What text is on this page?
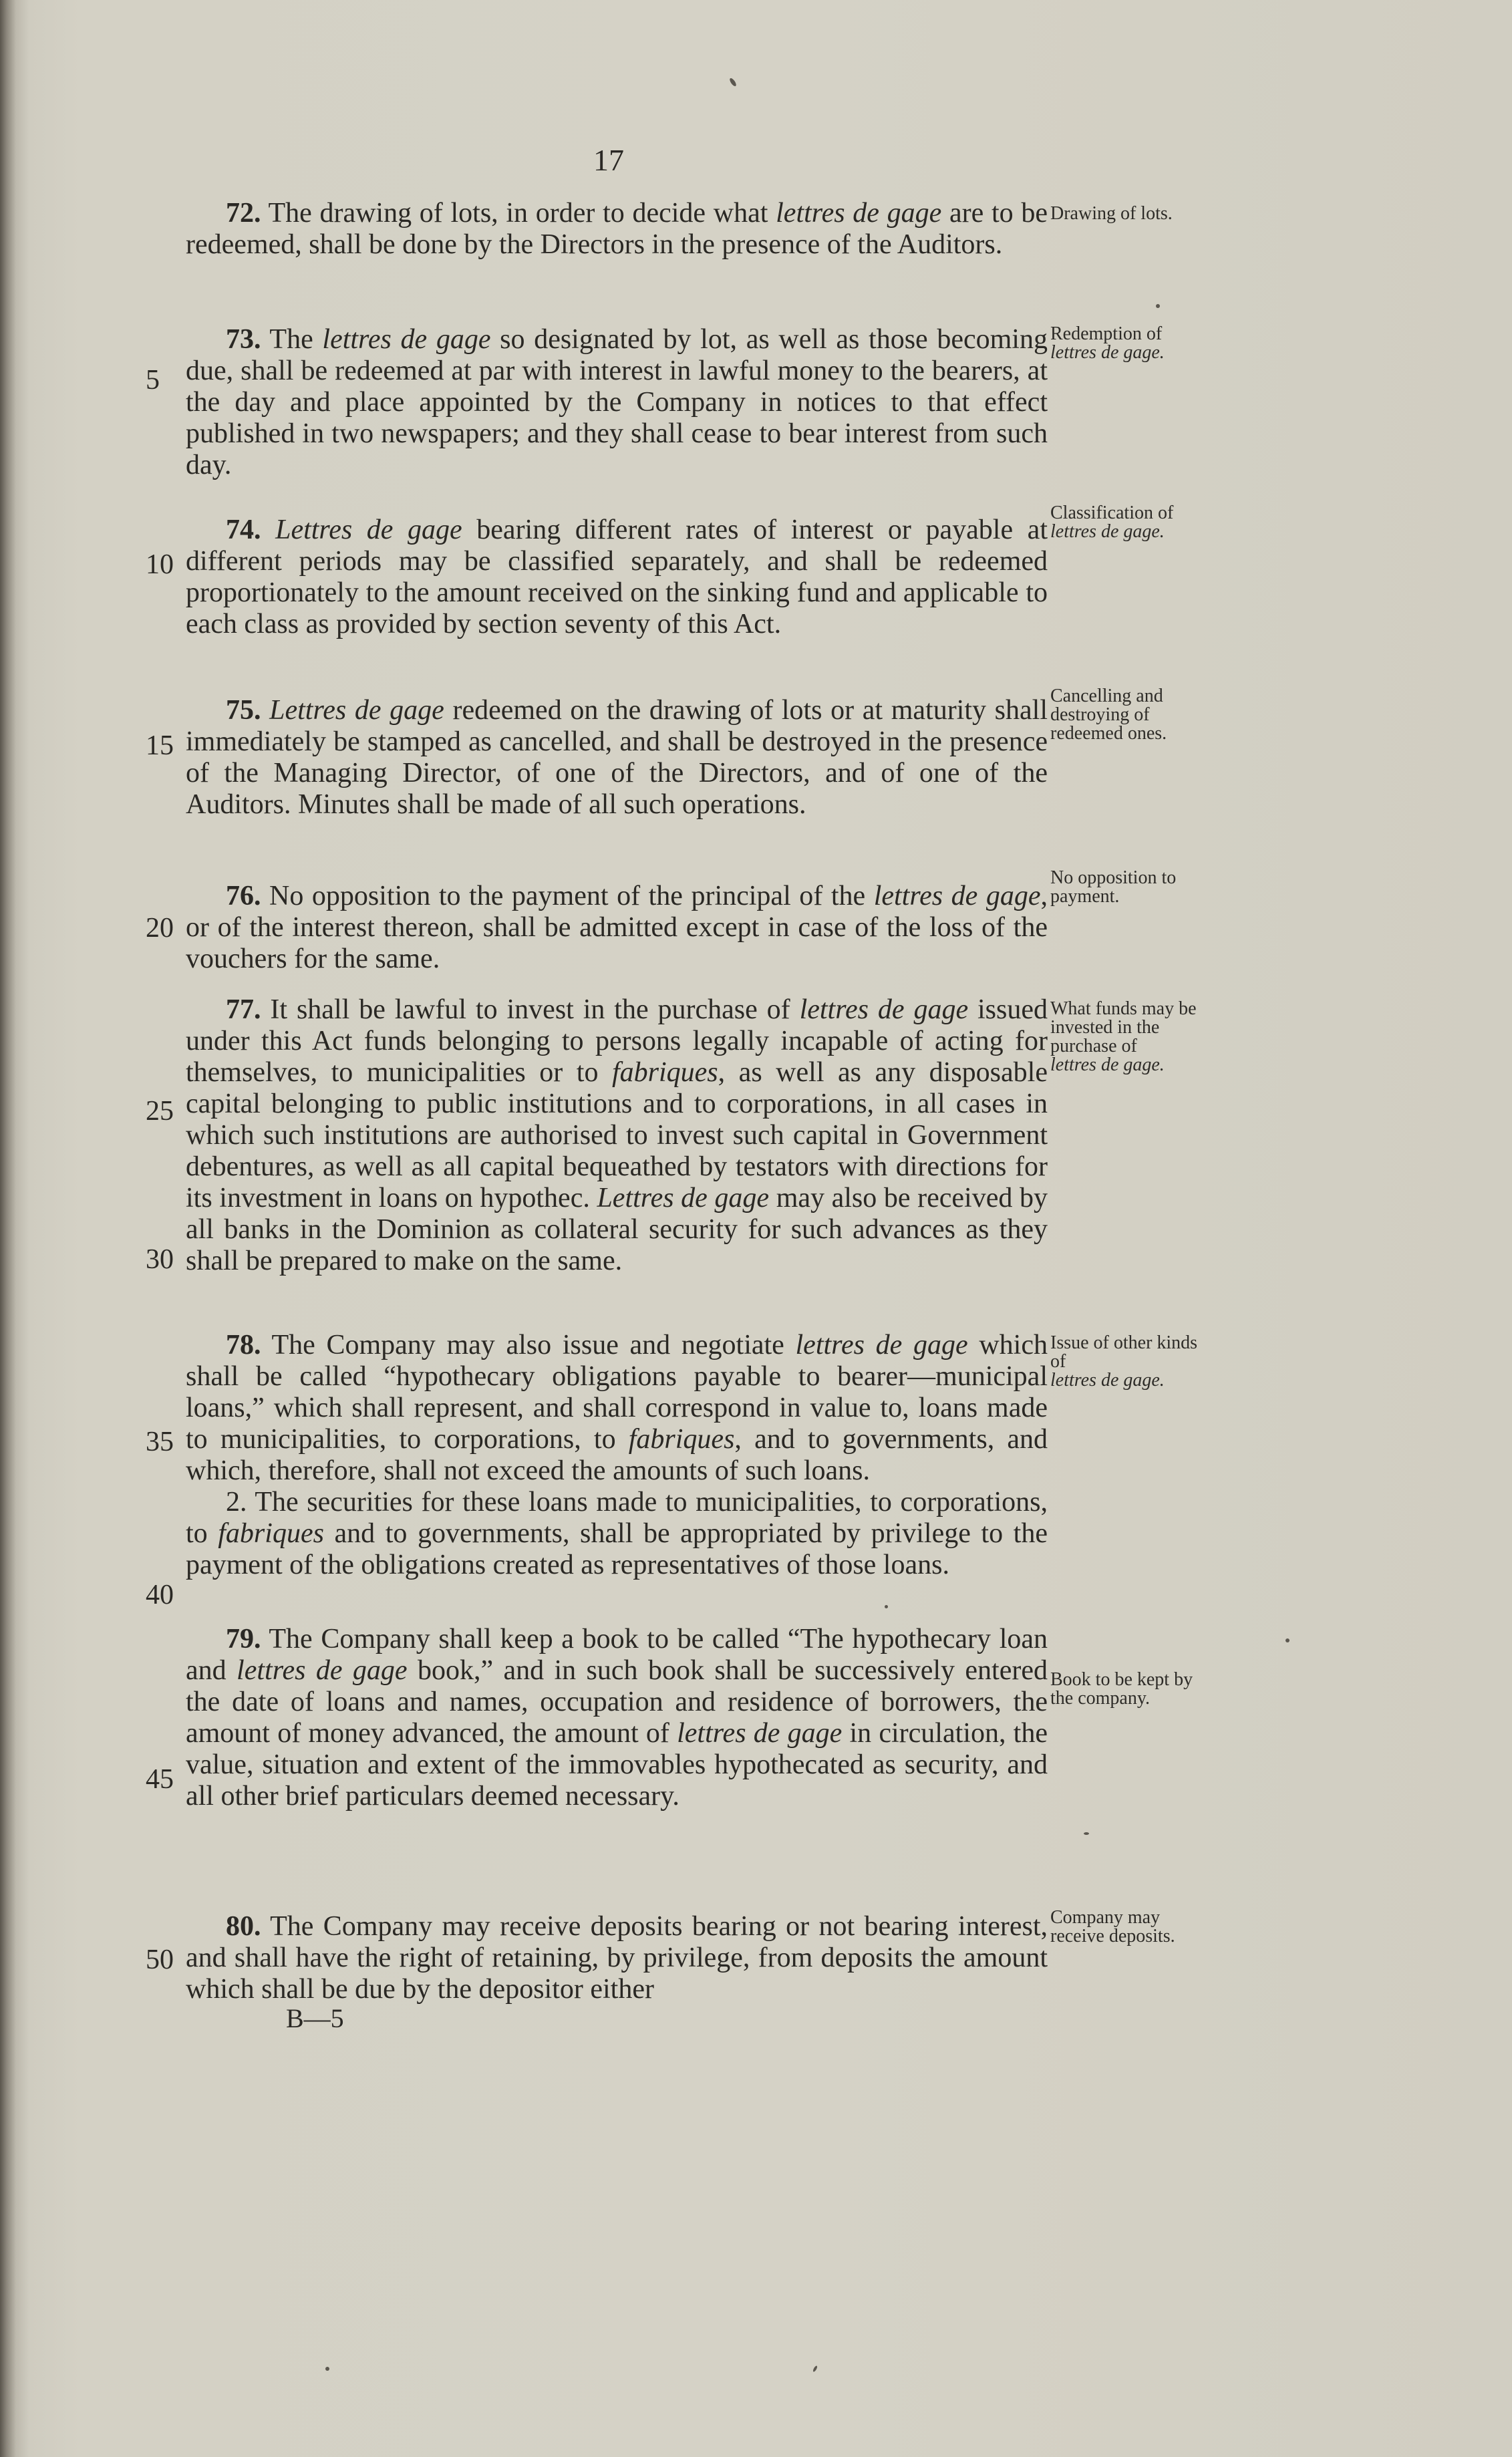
17

72. The drawing of lots, in order to decide what lettres de gage are to be redeemed, shall be done by the Directors in the presence of the Auditors.

Drawing of lots.

73. The lettres de gage so designated by lot, as well as those becoming due, shall be redeemed at par with interest in lawful money to the bearers, at the day and place appointed by the Company in notices to that effect published in two newspapers; and they shall cease to bear interest from such day.

Redemption of
lettres de gage.

74. Lettres de gage bearing different rates of interest or payable at different periods may be classified separately, and shall be redeemed proportionately to the amount received on the sinking fund and applicable to each class as provided by section seventy of this Act.

Classification of
lettres de gage.

75. Lettres de gage redeemed on the drawing of lots or at maturity shall immediately be stamped as cancelled, and shall be destroyed in the presence of the Managing Director, of one of the Directors, and of one of the Auditors. Minutes shall be made of all such operations.

Cancelling and destroying of redeemed ones.

76. No opposition to the payment of the principal of the lettres de gage, or of the interest thereon, shall be admitted except in case of the loss of the vouchers for the same.

No opposition to payment.

77. It shall be lawful to invest in the purchase of lettres de gage issued under this Act funds belonging to persons legally incapable of acting for themselves, to municipalities or to fabriques, as well as any disposable capital belonging to public institutions and to corporations, in all cases in which such institutions are authorised to invest such capital in Government debentures, as well as all capital bequeathed by testators with directions for its investment in loans on hypothec. Lettres de gage may also be received by all banks in the Dominion as collateral security for such advances as they shall be prepared to make on the same.

What funds may be invested in the purchase of
lettres de gage.

78. The Company may also issue and negotiate lettres de gage which shall be called “hypothecary obligations payable to bearer—municipal loans,” which shall represent, and shall correspond in value to, loans made to municipalities, to corporations, to fabriques, and to governments, and which, therefore, shall not exceed the amounts of such loans.

2. The securities for these loans made to municipalities, to corporations, to fabriques and to governments, shall be appropriated by privilege to the payment of the obligations created as representatives of those loans.

Issue of other kinds of
lettres de gage.

79. The Company shall keep a book to be called “The hypothecary loan and lettres de gage book,” and in such book shall be successively entered the date of loans and names, occupation and residence of borrowers, the amount of money advanced, the amount of lettres de gage in circulation, the value, situation and extent of the immovables hypothecated as security, and all other brief particulars deemed necessary.

Book to be kept by the company.

80. The Company may receive deposits bearing or not bearing interest, and shall have the right of retaining, by privilege, from deposits the amount which shall be due by the depositor either

Company may receive deposits.
5
10
15
20
25
30
35
40
45
50
B—5
